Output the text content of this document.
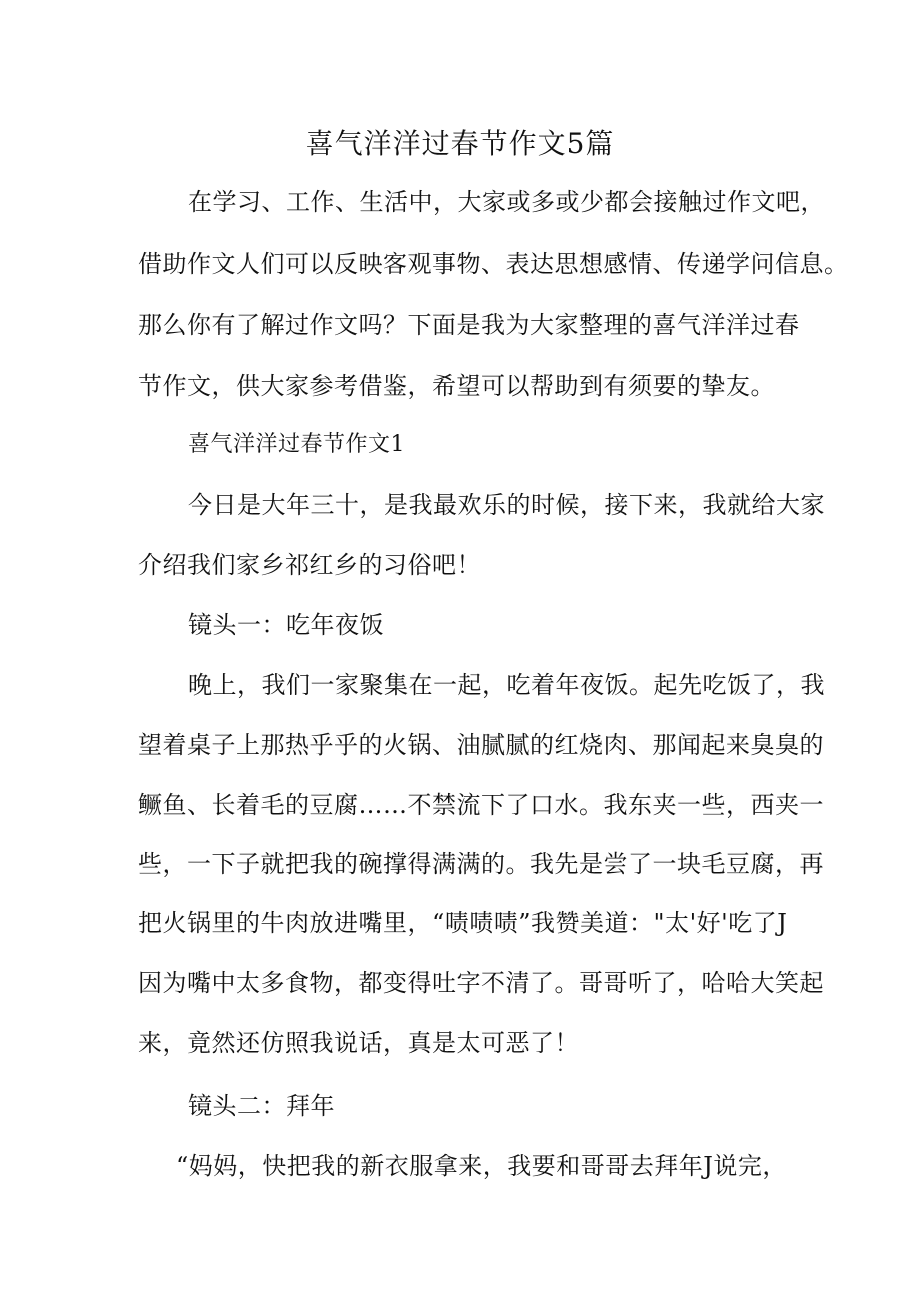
喜气洋洋过春节作文5篇
在学习、工作、生活中，大家或多或少都会接触过作文吧，
借助作文人们可以反映客观事物、表达思想感情、传递学问信息。
那么你有了解过作文吗？下面是我为大家整理的喜气洋洋过春
节作文，供大家参考借鉴，希望可以帮助到有须要的挚友。
喜气洋洋过春节作文1
今日是大年三十，是我最欢乐的时候，接下来，我就给大家
介绍我们家乡祁红乡的习俗吧！
镜头一：吃年夜饭
晚上，我们一家聚集在一起，吃着年夜饭。起先吃饭了，我
望着桌子上那热乎乎的火锅、油腻腻的红烧肉、那闻起来臭臭的
鳜鱼、长着毛的豆腐……不禁流下了口水。我东夹一些，西夹一
些，一下子就把我的碗撑得满满的。我先是尝了一块毛豆腐，再
把火锅里的牛肉放进嘴里，“啧啧啧”我赞美道："太'好'吃了J
因为嘴中太多食物，都变得吐字不清了。哥哥听了，哈哈大笑起
来，竟然还仿照我说话，真是太可恶了！
镜头二：拜年
“妈妈，快把我的新衣服拿来，我要和哥哥去拜年J说完，
